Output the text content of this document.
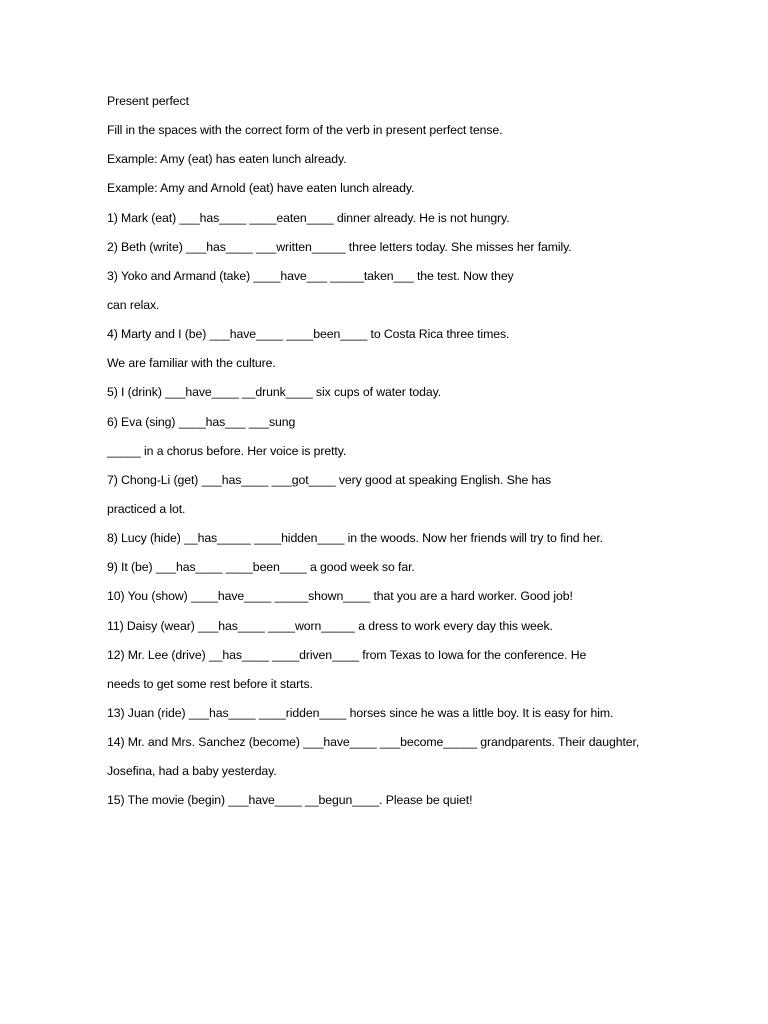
Present perfect
Fill in the spaces with the correct form of the verb in present perfect tense.
Example: Amy (eat) has eaten lunch already.
Example: Amy and Arnold (eat) have eaten lunch already.
1) Mark (eat) ___has____ ____eaten____ dinner already. He is not hungry.
2) Beth (write) ___has____ ___written_____ three letters today. She misses her family.
3) Yoko and Armand (take) ____have___ _____taken___ the test. Now they
can relax.
4) Marty and I (be) ___have____ ____been____ to Costa Rica three times.
We are familiar with the culture.
5) I (drink) ___have____ __drunk____ six cups of water today.
6) Eva (sing) ____has___ ___sung
_____ in a chorus before. Her voice is pretty.
7) Chong-Li (get) ___has____ ___got____ very good at speaking English. She has
practiced a lot.
8) Lucy (hide) __has_____ ____hidden____ in the woods. Now her friends will try to find her.
9) It (be) ___has____ ____been____ a good week so far.
10) You (show) ____have____ _____shown____ that you are a hard worker. Good job!
11) Daisy (wear) ___has____ ____worn_____ a dress to work every day this week.
12) Mr. Lee (drive) __has____ ____driven____ from Texas to Iowa for the conference. He
needs to get some rest before it starts.
13) Juan (ride) ___has____ ____ridden____ horses since he was a little boy. It is easy for him.
14) Mr. and Mrs. Sanchez (become) ___have____ ___become_____ grandparents. Their daughter,
Josefina, had a baby yesterday.
15) The movie (begin) ___have____ __begun____. Please be quiet!
